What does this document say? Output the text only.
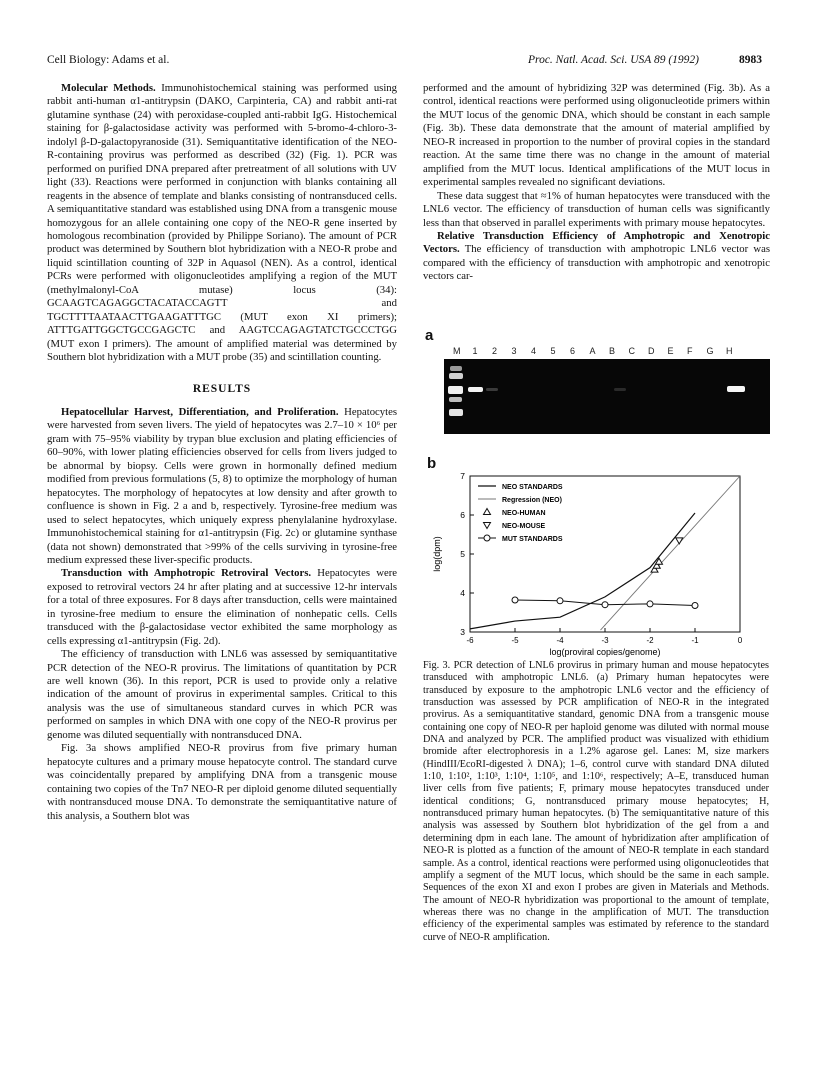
Cell Biology: Adams et al.	Proc. Natl. Acad. Sci. USA 89 (1992)	8983

Molecular Methods. Immunohistochemical staining was performed using rabbit anti-human α1-antitrypsin (DAKO, Carpinteria, CA) and rabbit anti-rat glutamine synthase (24) with peroxidase-coupled anti-rabbit IgG. Histochemical staining for β-galactosidase activity was performed with 5-bromo-4-chloro-3-indolyl β-D-galactopyranoside (31). Semiquantitative identification of the NEO-R-containing provirus was performed as described (32) (Fig. 1). PCR was performed on purified DNA prepared after pretreatment of all solutions with UV light (33). Reactions were performed in conjunction with blanks containing all reagents in the absence of template and blanks consisting of nontransduced cells. A semiquantitative standard was established using DNA from a transgenic mouse homozygous for an allele containing one copy of the NEO-R gene inserted by homologous recombination (provided by Philippe Soriano). The amount of PCR product was determined by Southern blot hybridization with a NEO-R probe and liquid scintillation counting of 32P in Aquasol (NEN). As a control, identical PCRs were performed with oligonucleotides amplifying a region of the MUT (methylmalonyl-CoA mutase) locus (34): GCAAGTCAGAGGCTACATACCAGTT and TGCTTTTAATAACTTGAAGATTTGC (MUT exon XI primers); ATTTGATTGGCTGCCGAGCTC and AAGTCCAGAGTATCTGCCCTGG (MUT exon I primers). The amount of amplified material was determined by Southern blot hybridization with a MUT probe (35) and scintillation counting.

RESULTS

Hepatocellular Harvest, Differentiation, and Proliferation. Hepatocytes were harvested from seven livers. The yield of hepatocytes was 2.7–10 × 10⁶ per gram with 75–95% viability by trypan blue exclusion and plating efficiencies of 60–90%, with lower plating efficiencies observed for cells from livers judged to be abnormal by biopsy. Cells were grown in hormonally defined medium modified from previous formulations (5, 8) to optimize the morphology of human hepatocytes. The morphology of hepatocytes at low density and after growth to confluence is shown in Fig. 2 a and b, respectively. Tyrosine-free medium was used to select hepatocytes, which uniquely express phenylalanine hydroxylase. Immunohistochemical staining for α1-antitrypsin (Fig. 2c) or glutamine synthase (data not shown) demonstrated that >99% of the cells surviving in tyrosine-free medium expressed these liver-specific products.

Transduction with Amphotropic Retroviral Vectors. Hepatocytes were exposed to retroviral vectors 24 hr after plating and at successive 12-hr intervals for a total of three exposures. For 8 days after transduction, cells were maintained in tyrosine-free medium to ensure the elimination of nonhepatic cells. Cells transduced with the β-galactosidase vector exhibited the same morphology as cells expressing α1-antitrypsin (Fig. 2d).

The efficiency of transduction with LNL6 was assessed by semiquantitative PCR detection of the NEO-R provirus. The limitations of quantitation by PCR are well known (36). In this report, PCR is used to provide only a relative indication of the amount of provirus in experimental samples. Critical to this analysis was the use of simultaneous standard curves in which PCR was performed on samples in which DNA with one copy of the NEO-R provirus per genome was diluted sequentially with nontransduced DNA.

Fig. 3a shows amplified NEO-R provirus from five primary human hepatocyte cultures and a primary mouse hepatocyte control. The standard curve was coincidentally prepared by amplifying DNA from a transgenic mouse containing two copies of the Tn7 NEO-R per diploid genome diluted sequentially with nontransduced mouse DNA. To demonstrate the semiquantitative nature of this analysis, a Southern blot was

performed and the amount of hybridizing 32P was determined (Fig. 3b). As a control, identical reactions were performed using oligonucleotide primers within the MUT locus of the genomic DNA, which should be constant in each sample (Fig. 3b). These data demonstrate that the amount of material amplified by NEO-R increased in proportion to the number of proviral copies in the standard reaction. At the same time there was no change in the amount of material amplified from the MUT locus. Identical amplifications of the MUT locus in experimental samples revealed no significant deviations.

These data suggest that ≈1% of human hepatocytes were transduced with the LNL6 vector. The efficiency of transduction of human cells was significantly less than that observed in parallel experiments with primary mouse hepatocytes.

Relative Transduction Efficiency of Amphotropic and Xenotropic Vectors. The efficiency of transduction with amphotropic LNL6 vector was compared with the efficiency of transduction with amphotropic and xenotropic vectors car-

a
M 1 2 3 4 5 6 A B C D E F G H
b
-6	-5	-4	-3	-2	-1	0
3
4
5
6
7
log(proviral copies/genome)
log(dpm)
NEO STANDARDS
Regression (NEO)
NEO-HUMAN
NEO-MOUSE
MUT STANDARDS
Fig. 3. PCR detection of LNL6 provirus in primary human and mouse hepatocytes transduced with amphotropic LNL6. (a) Primary human hepatocytes were transduced by exposure to the amphotropic LNL6 vector and the efficiency of transduction was assessed by PCR amplification of NEO-R in the integrated provirus. As a semiquantitative standard, genomic DNA from a transgenic mouse containing one copy of NEO-R per haploid genome was diluted with normal mouse DNA and analyzed by PCR. The amplified product was visualized with ethidium bromide after electrophoresis in a 1.2% agarose gel. Lanes: M, size markers (HindIII/EcoRI-digested λ DNA); 1–6, control curve with standard DNA diluted 1:10, 1:10², 1:10³, 1:10⁴, 1:10⁵, and 1:10⁶, respectively; A–E, transduced human liver cells from five patients; F, primary mouse hepatocytes transduced under identical conditions; G, nontransduced primary mouse hepatocytes; H, nontransduced primary human hepatocytes. (b) The semiquantitative nature of this analysis was assessed by Southern blot hybridization of the gel from a and determining dpm in each lane. The amount of hybridization after amplification of NEO-R is plotted as a function of the amount of NEO-R template in each standard sample. As a control, identical reactions were performed using oligonucleotides that amplify a segment of the MUT locus, which should be the same in each sample. Sequences of the exon XI and exon I probes are given in Materials and Methods. The amount of NEO-R hybridization was proportional to the amount of template, whereas there was no change in the amplification of MUT. The transduction efficiency of the experimental samples was estimated by reference to the standard curve of NEO-R amplification.
